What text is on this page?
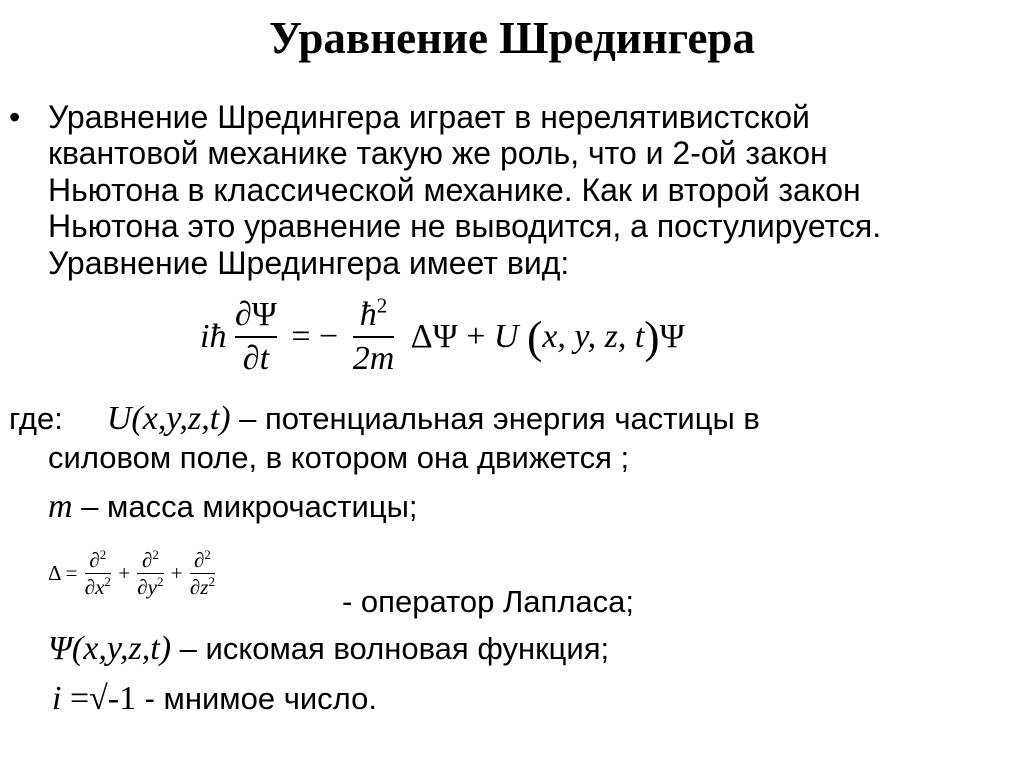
Уравнение Шредингера
• Уравнение Шредингера играет в нерелятивистской
квантовой механике такую же роль, что и 2-ой закон
Ньютона в классической механике. Как и второй закон
Ньютона это уравнение не выводится, а постулируется.
Уравнение Шредингера имеет вид:
iħ $\frac{\partial\Psi}{\partial t}$ = − $\frac{ħ^2}{2m}$ ΔΨ + U (x, y, z, t)Ψ
где: U(x,y,z,t) – потенциальная энергия частицы в
силовом поле, в котором она движется ;
m – масса микрочастицы;
$\Delta = \frac{\partial^2}{\partial x^2} + \frac{\partial^2}{\partial y^2} + \frac{\partial^2}{\partial z^2}$
- оператор Лапласа;
Ψ(x,y,z,t) – искомая волновая функция;
i =√-1 - мнимое число.
